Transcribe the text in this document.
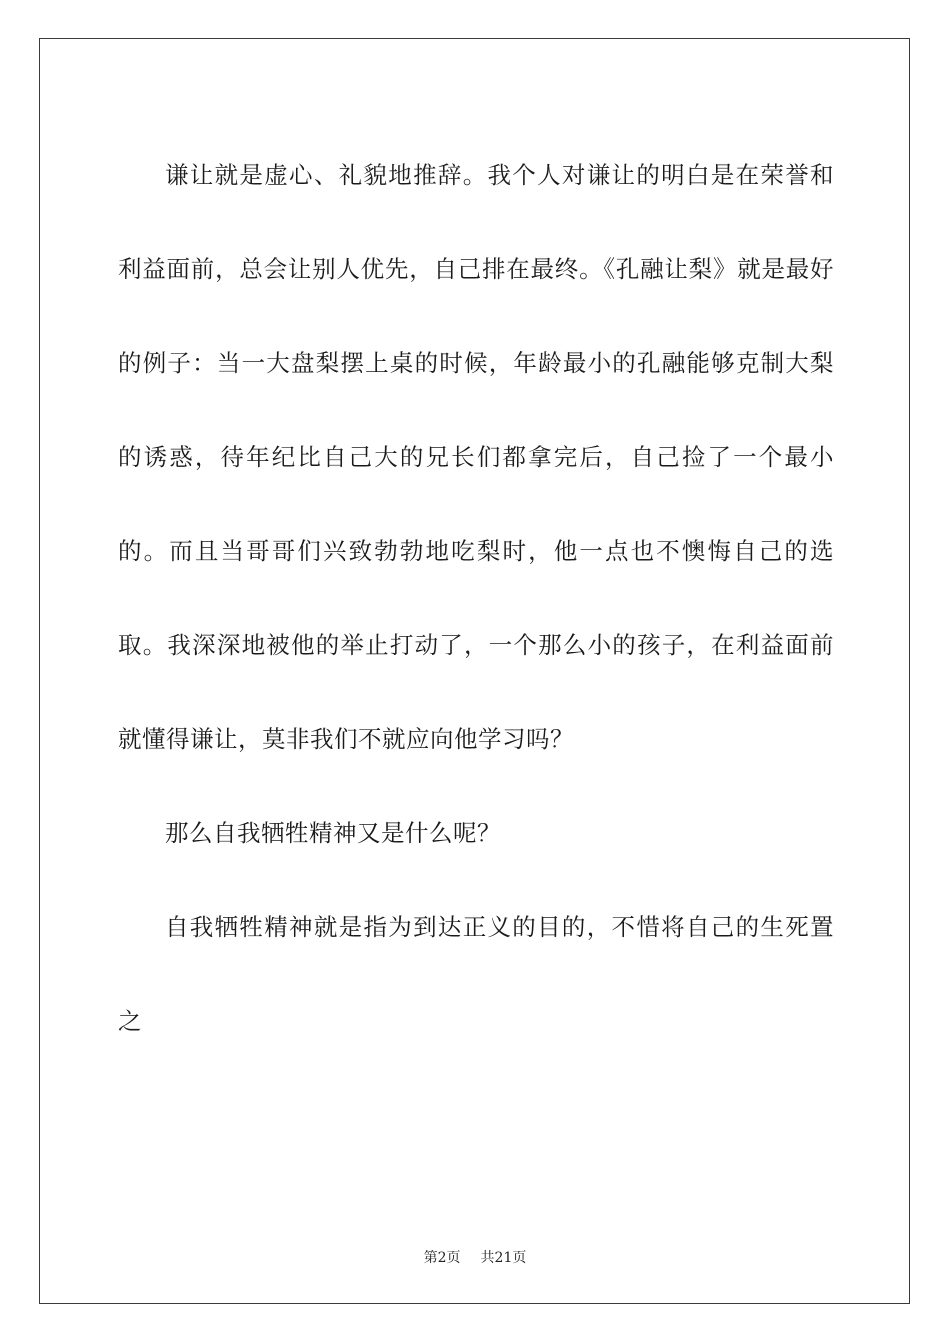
谦让就是虚心、礼貌地推辞。我个人对谦让的明白是在荣誉和利益面前，总会让别人优先，自己排在最终。《孔融让梨》就是最好的例子：当一大盘梨摆上桌的时候，年龄最小的孔融能够克制大梨的诱惑，待年纪比自己大的兄长们都拿完后，自己捡了一个最小的。而且当哥哥们兴致勃勃地吃梨时，他一点也不懊悔自己的选取。我深深地被他的举止打动了，一个那么小的孩子，在利益面前就懂得谦让，莫非我们不就应向他学习吗？

那么自我牺牲精神又是什么呢？

自我牺牲精神就是指为到达正义的目的，不惜将自己的生死置之

第2页 共21页
